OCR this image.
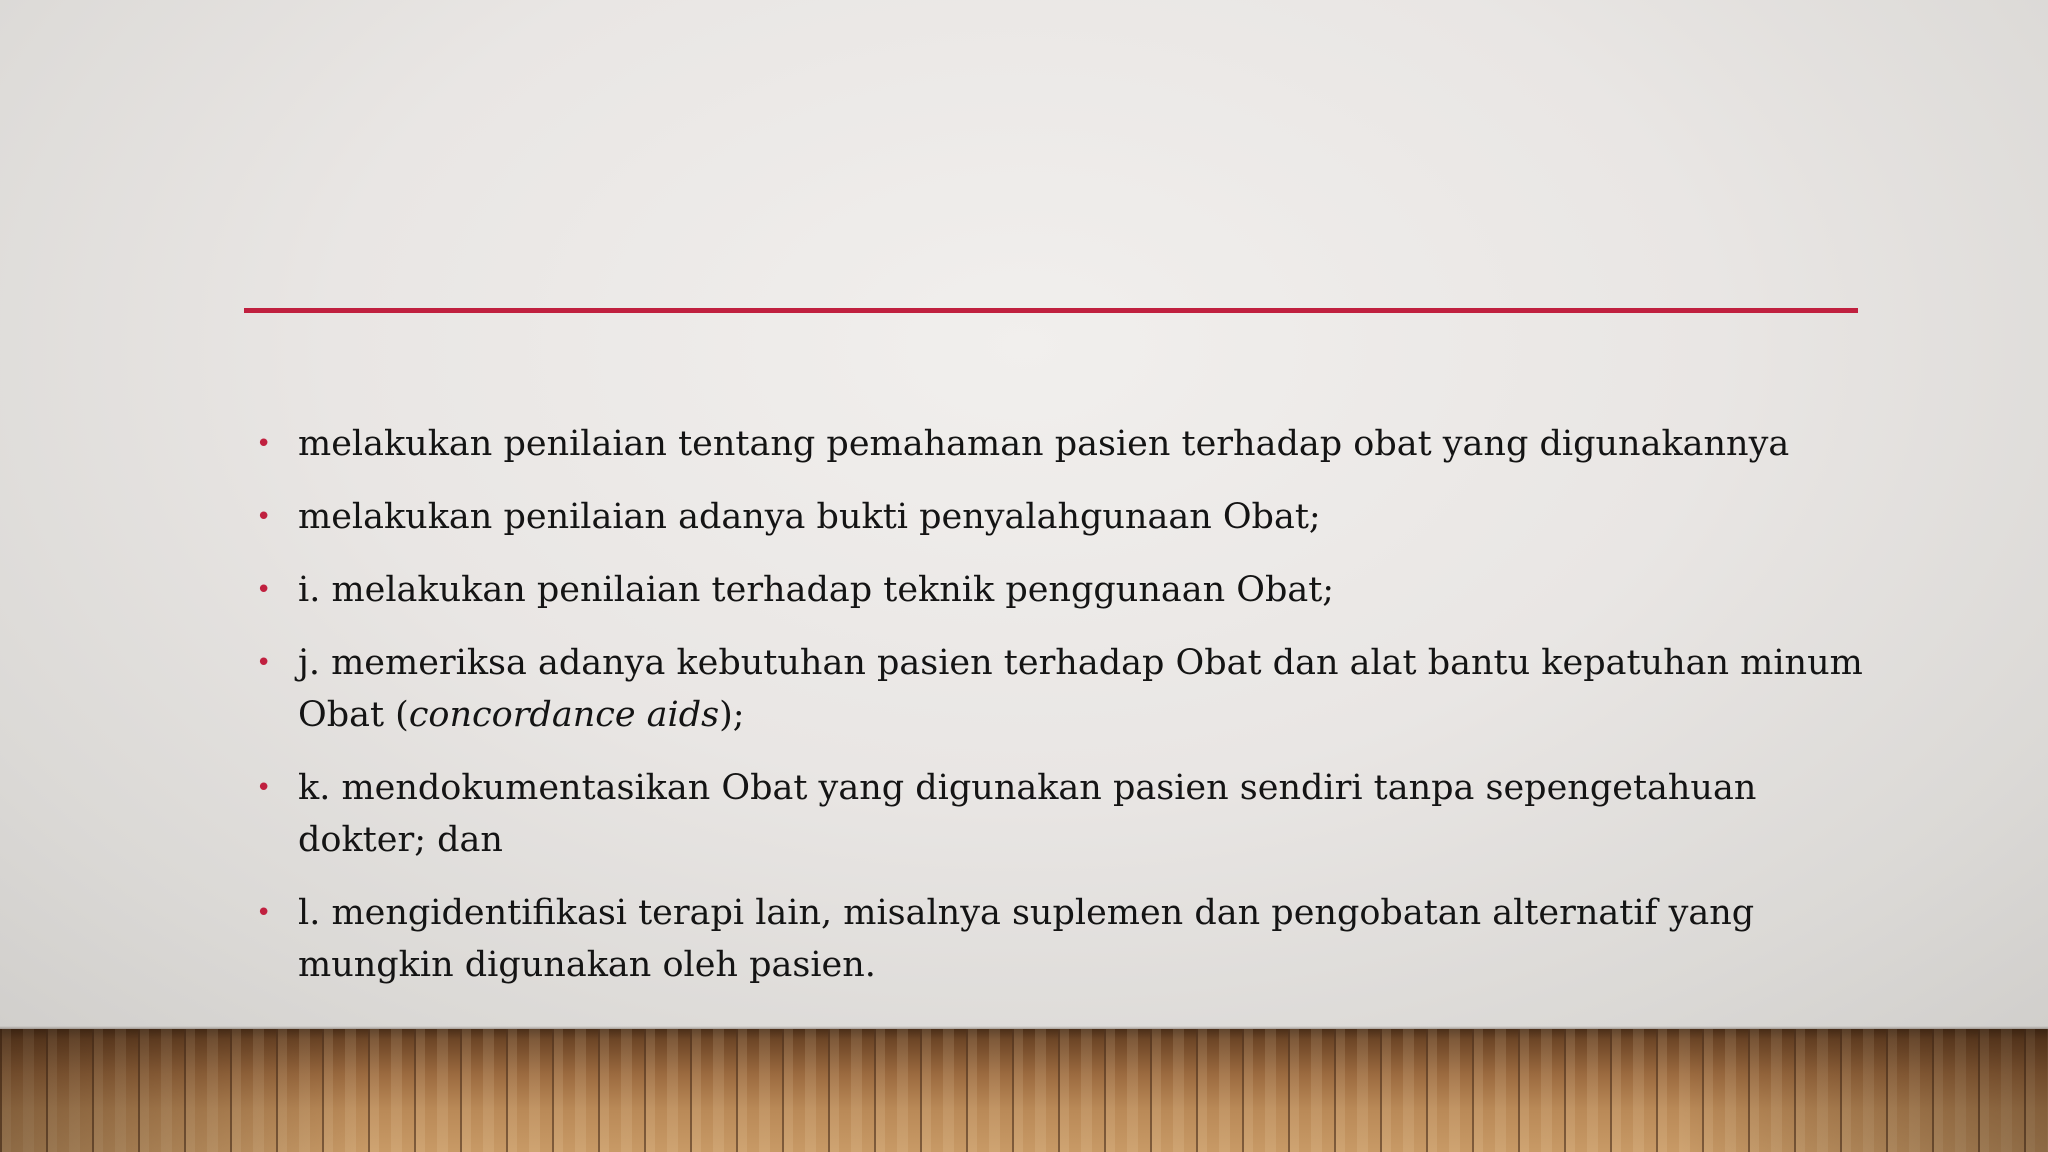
• melakukan penilaian tentang pemahaman pasien terhadap obat yang digunakannya
• melakukan penilaian adanya bukti penyalahgunaan Obat;
• i. melakukan penilaian terhadap teknik penggunaan Obat;
• j. memeriksa adanya kebutuhan pasien terhadap Obat dan alat bantu kepatuhan minum Obat (concordance aids);
• k. mendokumentasikan Obat yang digunakan pasien sendiri tanpa sepengetahuan dokter; dan
• l. mengidentifikasi terapi lain, misalnya suplemen dan pengobatan alternatif yang mungkin digunakan oleh pasien.
